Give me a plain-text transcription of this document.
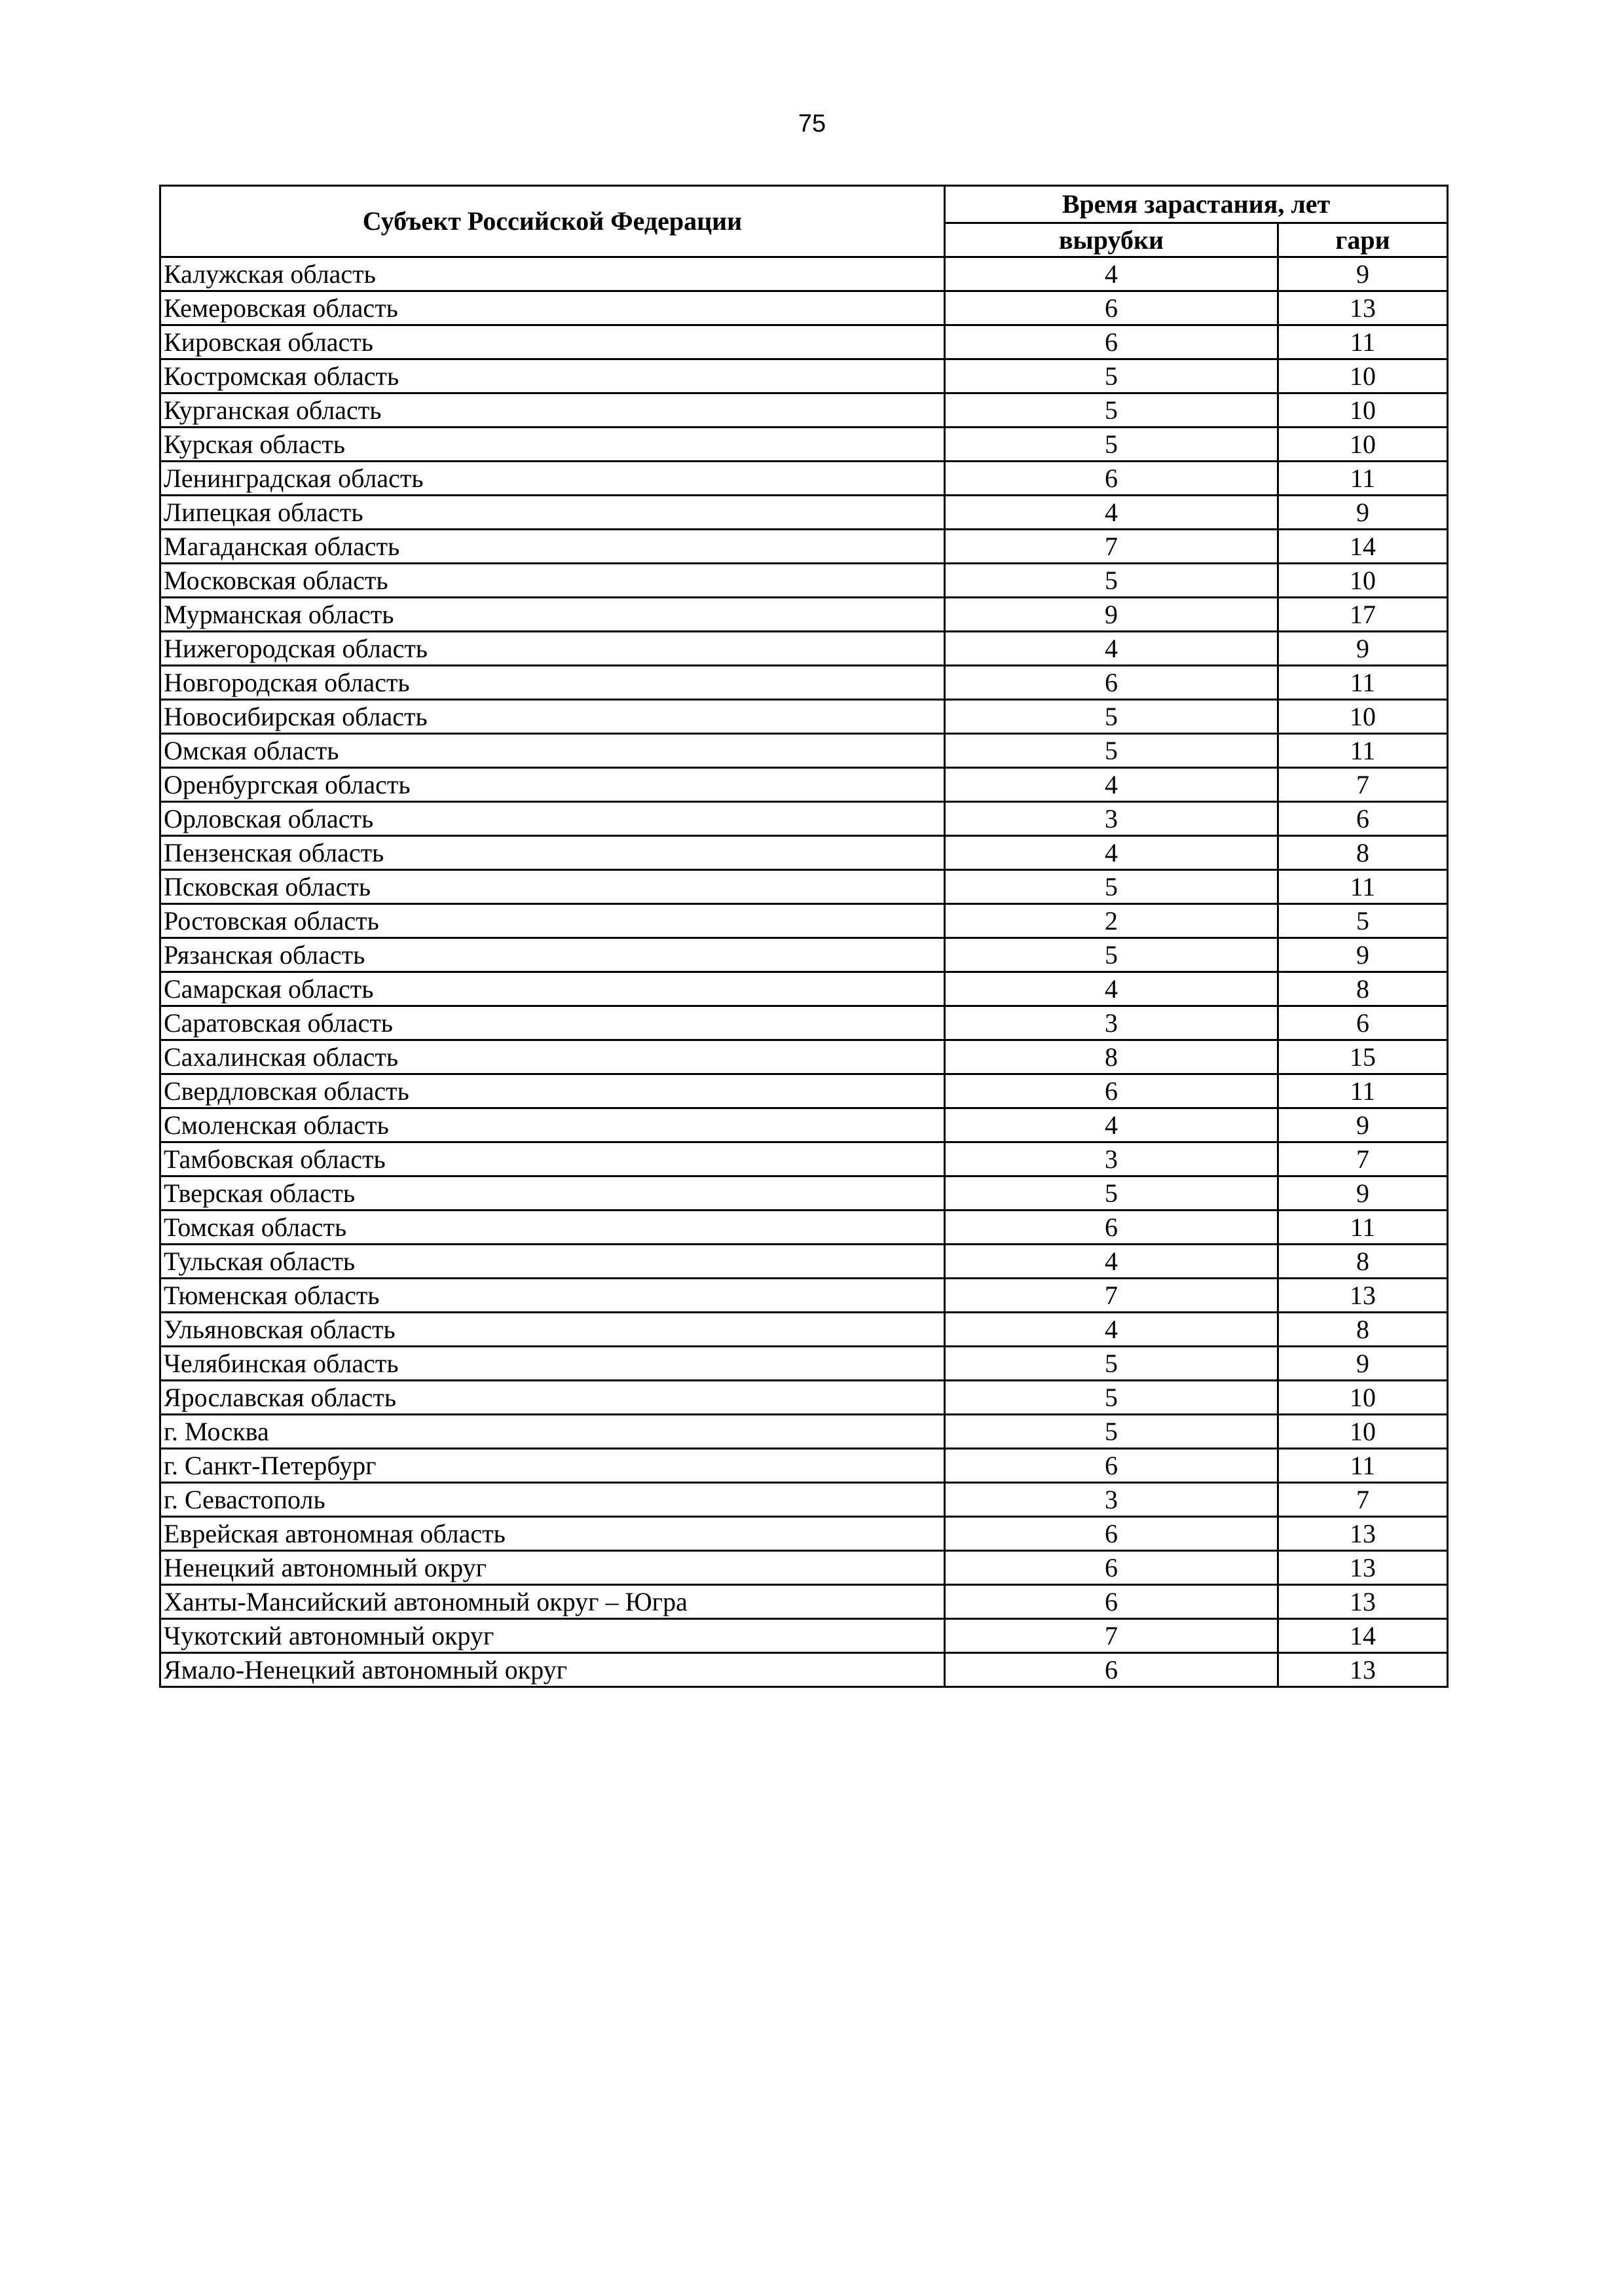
75
Субъект Российской Федерации	Время зарастания, лет	
	вырубки	гари
Калужская область	4	9
Кемеровская область	6	13
Кировская область	6	11
Костромская область	5	10
Курганская область	5	10
Курская область	5	10
Ленинградская область	6	11
Липецкая область	4	9
Магаданская область	7	14
Московская область	5	10
Мурманская область	9	17
Нижегородская область	4	9
Новгородская область	6	11
Новосибирская область	5	10
Омская область	5	11
Оренбургская область	4	7
Орловская область	3	6
Пензенская область	4	8
Псковская область	5	11
Ростовская область	2	5
Рязанская область	5	9
Самарская область	4	8
Саратовская область	3	6
Сахалинская область	8	15
Свердловская область	6	11
Смоленская область	4	9
Тамбовская область	3	7
Тверская область	5	9
Томская область	6	11
Тульская область	4	8
Тюменская область	7	13
Ульяновская область	4	8
Челябинская область	5	9
Ярославская область	5	10
г. Москва	5	10
г. Санкт-Петербург	6	11
г. Севастополь	3	7
Еврейская автономная область	6	13
Ненецкий автономный округ	6	13
Ханты-Мансийский автономный округ – Югра	6	13
Чукотский автономный округ	7	14
Ямало-Ненецкий автономный округ	6	13
